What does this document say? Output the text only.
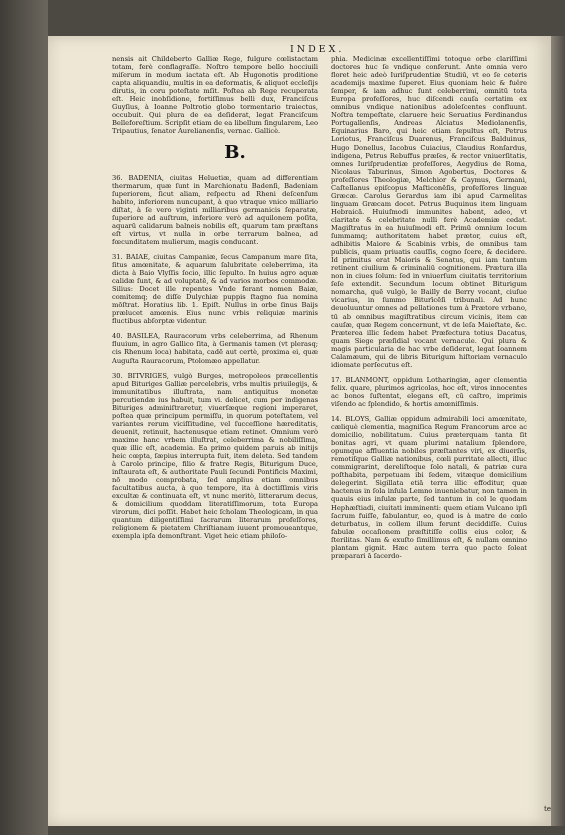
INDEX.

nensis ait Childeberto Galliæ Rege, fulgure cœlistactam totam, ferè conflagraſſe. Noſtro tempore bello hocciuili miſerum in modum iactata eſt. Ab Hugonotis proditione capta aliquandiu, multis in ea deformatis, & aliquot eccleſijs dirutis, in coru poteſtate mſit. Poſtea ab Rege recuperata eſt. Heic inobſidione, fortiſſimus belli dux, Franciſcus Guyſius, à Ioanne Poltrotio globo tormentario traiectus, occubuit. Qui plura de ea deſiderat, legat Franciſcum Belleforeſtium. Scripſit etiam de ea libellum ſingularem, Leo Tripautius, ſenator Aurelianenſis, vernac. Gallicè.

B.

36. BADENIA, ciuitas Heluetiæ, quam ad differentiam thermarum, quæ ſunt in Marchionatu Badenſi, Badeniam ſuperiorem, ſicut aliam, reſpectu ad Rheni deſcenſum habito, inferiorem nuncupant, à quo vtraque vnico milliario diſtat, à ſe vero viginti milliaribus germanicis ſeparatæ, ſuperiore ad auſtrum, inferiore verò ad aquilonem poſita, aquarū calidarum balneis nobilis eſt, quarum tam præſtans eſt virtus, vt nulla in orbe terrarum balnea, ad fœcunditatem mulierum, magis conducant.

31. BAIAE, ciuitas Campaniæ, ſecus Campanum mare ſita, ſitus amœnitate, & aquarum ſalubritate celeberrima, ita dicta à Baio Vlyſſis ſocio, illic ſepulto. In huius agro aquæ calidæ ſunt, & ad voluptatē, & ad varios morbos commodæ. Silius: Docet ille repentes Vnde ferant nomen Baiæ, comitemq; de diſſe Dulychiæ puppis ſtagno ſua nomina mōſtrat. Horatius lib. 1. Epiſt. Nullus in orbe ſinus Baijs prælucet amœnis. Eius nunc vrbis reliquiæ marinis fluctibus abſorptæ videntur.

40. BASILEA, Rauracorum vrbs celeberrima, ad Rhenum fluuium, in agro Gallico ſita, à Germanis tamen (vt plerasq; cis Rhenum loca) habitata, cadē aut certè, proxima ei, quæ Auguſta Rauracorum, Ptolomæo appellatur.

30. BITVRIGES, vulgò Burges, metropoleos præcellentis apud Bituriges Galliæ percelebris, vrbs multis priuilegijs, & immunitatibus illuſtrata, nam antiquitus monetæ percutiendæ ius habuit, tum vi. delicet, cum per indigenas Bituriges adminiſtraretur, viuerſæque regioni imperaret, poſtea quæ principum permiſſu, in quorum poteſtatem, vel variantes rerum viciſſitudine, vel ſucceſſione hæreditatis, deuenit, retinuit, hactenusque etiam retinet. Omnium verò maxime hanc vrbem illuſtrat, celeberrima & nobiliſſima, quæ illic eſt, academia. Ea primo quidem paruis ab initijs heic cœpta, ſæpius interrupta fuit, item deleta. Sed tandem à Carolo principe, filio & fratre Regis, Biturigum Duce, inſtaurata eſt, & authoritate Pauli ſecundi Pontificis Maximi, nō modo comprobata, ſed amplius etiam omnibus facultatibus aucta, à quo tempore, ita à doctiſſimis viris excultæ & continuata eſt, vt nunc meritò, litterarum decus, & domicilium quoddam literatiſſimorum, tota Europa virorum, dici poſſit. Habet heic ſcholam Theologicam, in qua quantum diligentiſſimi ſacrarum literarum profeſſores, religionem & pietatem Chriſtianam iuuent promoueantque, exempla ipſa demonſtrant. Viget heic etiam philoſo-

phia. Medicinæ excellentiſſimi totoque orbe clariſſimi doctores huc ſe vndique conferunt. Ante omnia vero floret heic adeò Iuriſprudentiæ Studiū, vt eo ſe ceteris academijs maxime ſuperet. Eius quoniam heic & fuêre ſemper, & iam adhuc ſunt celeberrimi, omnitū tota Europa profeſſores, huc diſcendi cauſa certatim ex omnibus vndique nationibus adoleſcentes confluunt. Noſtra tempeſtate, claruere heic Seruatius Ferdinandus Portugallenſis, Andreas Alciatus Mediolanenſis, Equinarius Baro, qui heic etiam ſepultus eſt, Petrus Loriotus, Franciſcus Duarenus, Franciſcus Balduinus, Hugo Donellus, Iacobus Cuiacius, Claudius Ronſardus, indigena, Petrus Rebuffus præſes, & rector vniuerſitatis, omnes Iuriſprudentiæ profeſſores, Aegydius de Roma, Nicolaus Taburinus, Simon Agobertus, Doctores & profeſſores Theologiæ, Melchior & Caymus, Germani, Caſtellanus epiſcopus Maſticonēſis, profeſſores linguæ Græcæ. Carolus Gerardus iam ibi apud Carmelitas linguam Græcam docet. Petrus Buquinus item linguam Hebraicā. Huiuſmodi immunites habent, adeo, vt claritate & celebritate nulli ferè Academiæ cedat. Magiſtratus in ea huiuſmodi eſt. Primū omnium locum ſummamq; authoritatem habet prætor, cuius eſt, adhibitis Maiore & Scabinis vrbis, de omnibus tam publicis, quam priuatis cauſſis, cogno ſcere, & decidere. Id primitus erat Maioris & Senatus, qui iam tantum retinent ciuilium & criminaliū cognitionem. Prætura illa non in ciues ſolum: ſed in vniuerſum ciuitatis territorium ſeſe extendit. Secundum locum obtinet Biturigum nomarcha, quē vulgò, le Bailly de Berry vocant, ciuſue vicarius, in ſummo Biturīcēſi tribunali. Ad hunc deuoluuntur omnes ad pellationes tum à Prætore vrbano, tū ab omnibus magiſtratibus circum vicinis, item cæ cauſæ, quæ Regem concernunt, vt de leſa Maieſtate, &c. Præterea illic ſedem habet Præfectura totius Dacatus, quam Siege præſidial vocant vernacule. Qui plura & magis particularia de hac vrbe deſiderat, legat Ioannem Calamæum, qui de libris Biturigum hiſtoriam vernaculo idiomate perſecutus eſt.

17. BLANMONT, oppidum Lotharingiæ, ager clementia felix. quare, plurimos agricolas, hoc eſt, viros innocentes ac bonos ſuſtentat, elegans eſt, cū caſtro, imprimis viſendo ac ſplendido, & hortis amœniſſimis.

14. BLOYS, Galliæ oppidum admirabili loci amœnitate, cæliquè clementia, magniſica Regum Francorum arce ac domicilio, nobilitatum. Cuius præterquam tanta ſit bonitas agri, vt quam plurimi natalium ſplendore, opumque affluentia nobiles præſtantes viri, ex diuerſis, remotiſque Galliæ nationibus, cœli purritate allecti, illuc commigrarint, dereliſtoque ſolo natali, & patriæ cura poſthabita, perpetuam ibi ſedem, vitæque domicilium delegerint. Sigillata etiā terra illic effoditur, quæ hactenus in ſola inſula Lemno inueniebatur, non tamen in quauis eius inſulæ parte, ſed tantum in col le quodam Hephæſtiadi, ciuitati imminenti: quem etiam Vulcano ipſi ſacrum fuiſſe, fabulantur, eo, quod is à matre de cœlo deturbatus, in collem illum ferunt deciddiſſe. Cuius fabulæ occaſionem præſtitiſſe collis eius color, & ſterilitas. Nam & exuſto ſimillimus eſt, & nullam omnino plantam gignit. Hæc autem terra quo pacto ſoleat præparari ā ſacerdo-

te
